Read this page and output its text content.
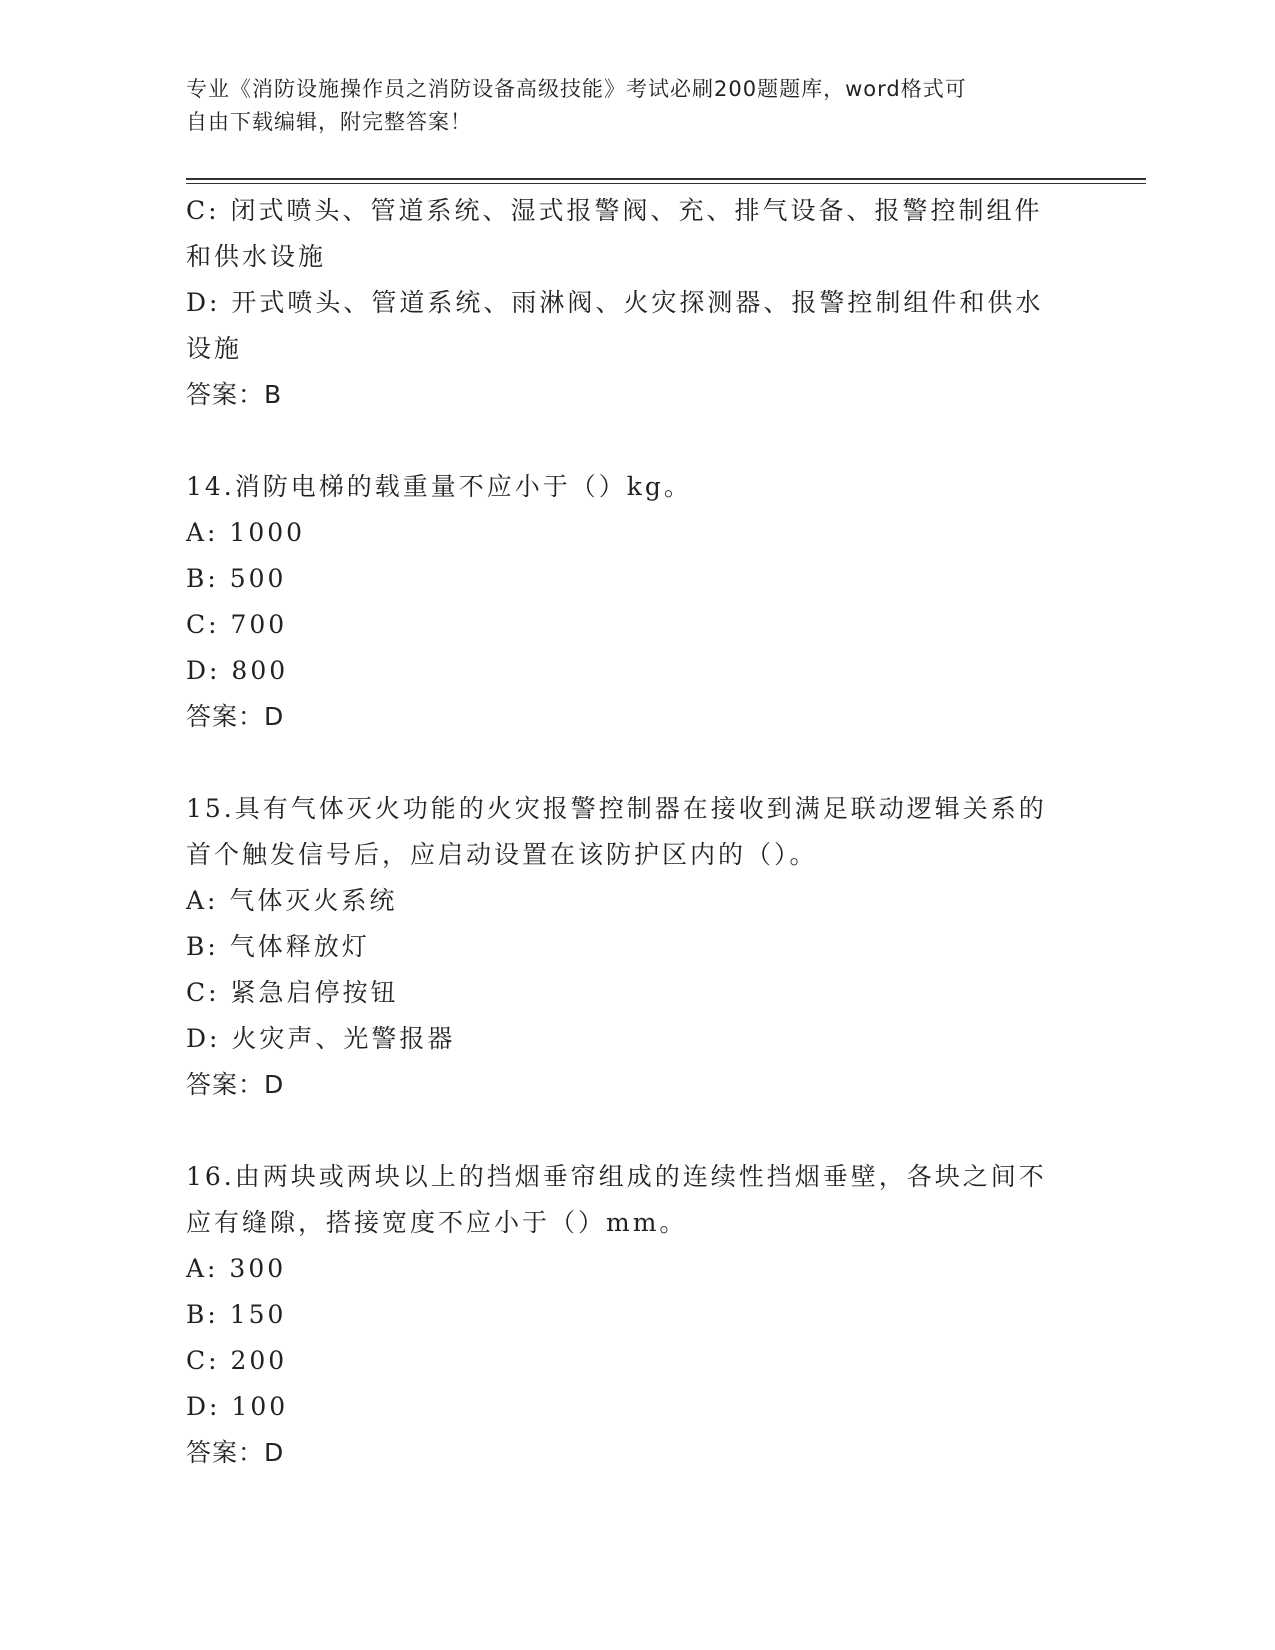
专业《消防设施操作员之消防设备高级技能》考试必刷200题题库，word格式可
自由下载编辑，附完整答案！
C: 闭式喷头、管道系统、湿式报警阀、充、排气设备、报警控制组件
和供水设施
D: 开式喷头、管道系统、雨淋阀、火灾探测器、报警控制组件和供水
设施
答案：B
14.消防电梯的载重量不应小于（）kg。
A: 1000
B: 500
C: 700
D: 800
答案：D
15.具有气体灭火功能的火灾报警控制器在接收到满足联动逻辑关系的
首个触发信号后，应启动设置在该防护区内的（）。
A: 气体灭火系统
B: 气体释放灯
C: 紧急启停按钮
D: 火灾声、光警报器
答案：D
16.由两块或两块以上的挡烟垂帘组成的连续性挡烟垂壁，各块之间不
应有缝隙，搭接宽度不应小于（）mm。
A: 300
B: 150
C: 200
D: 100
答案：D
